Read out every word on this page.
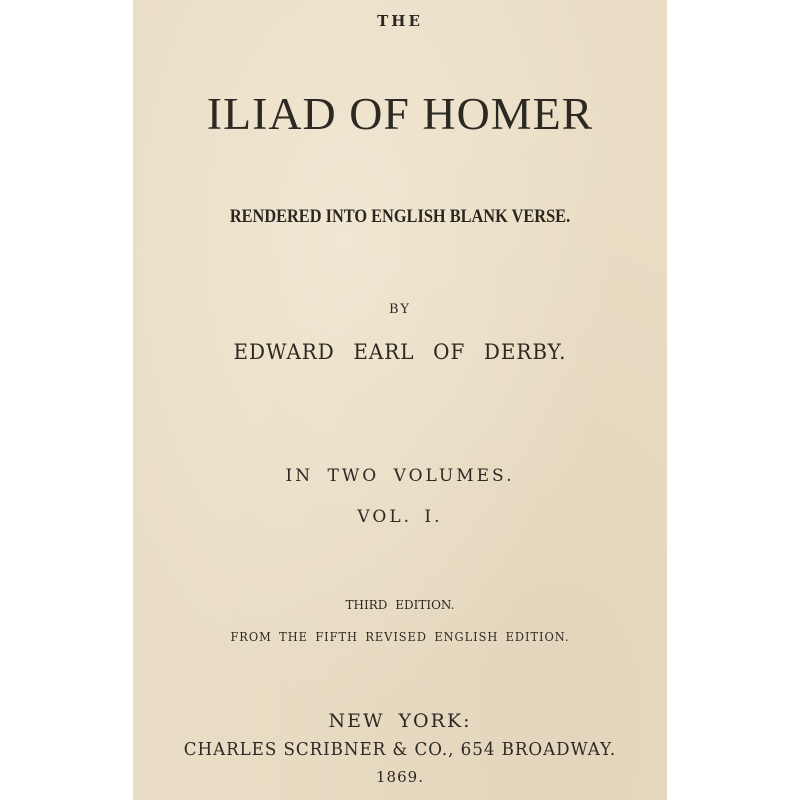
THE
ILIAD OF HOMER
RENDERED INTO ENGLISH BLANK VERSE.
BY
EDWARD EARL OF DERBY.
IN TWO VOLUMES.
VOL. I.
THIRD EDITION.
FROM THE FIFTH REVISED ENGLISH EDITION.
NEW YORK:
CHARLES SCRIBNER & CO., 654 BROADWAY.
1869.
